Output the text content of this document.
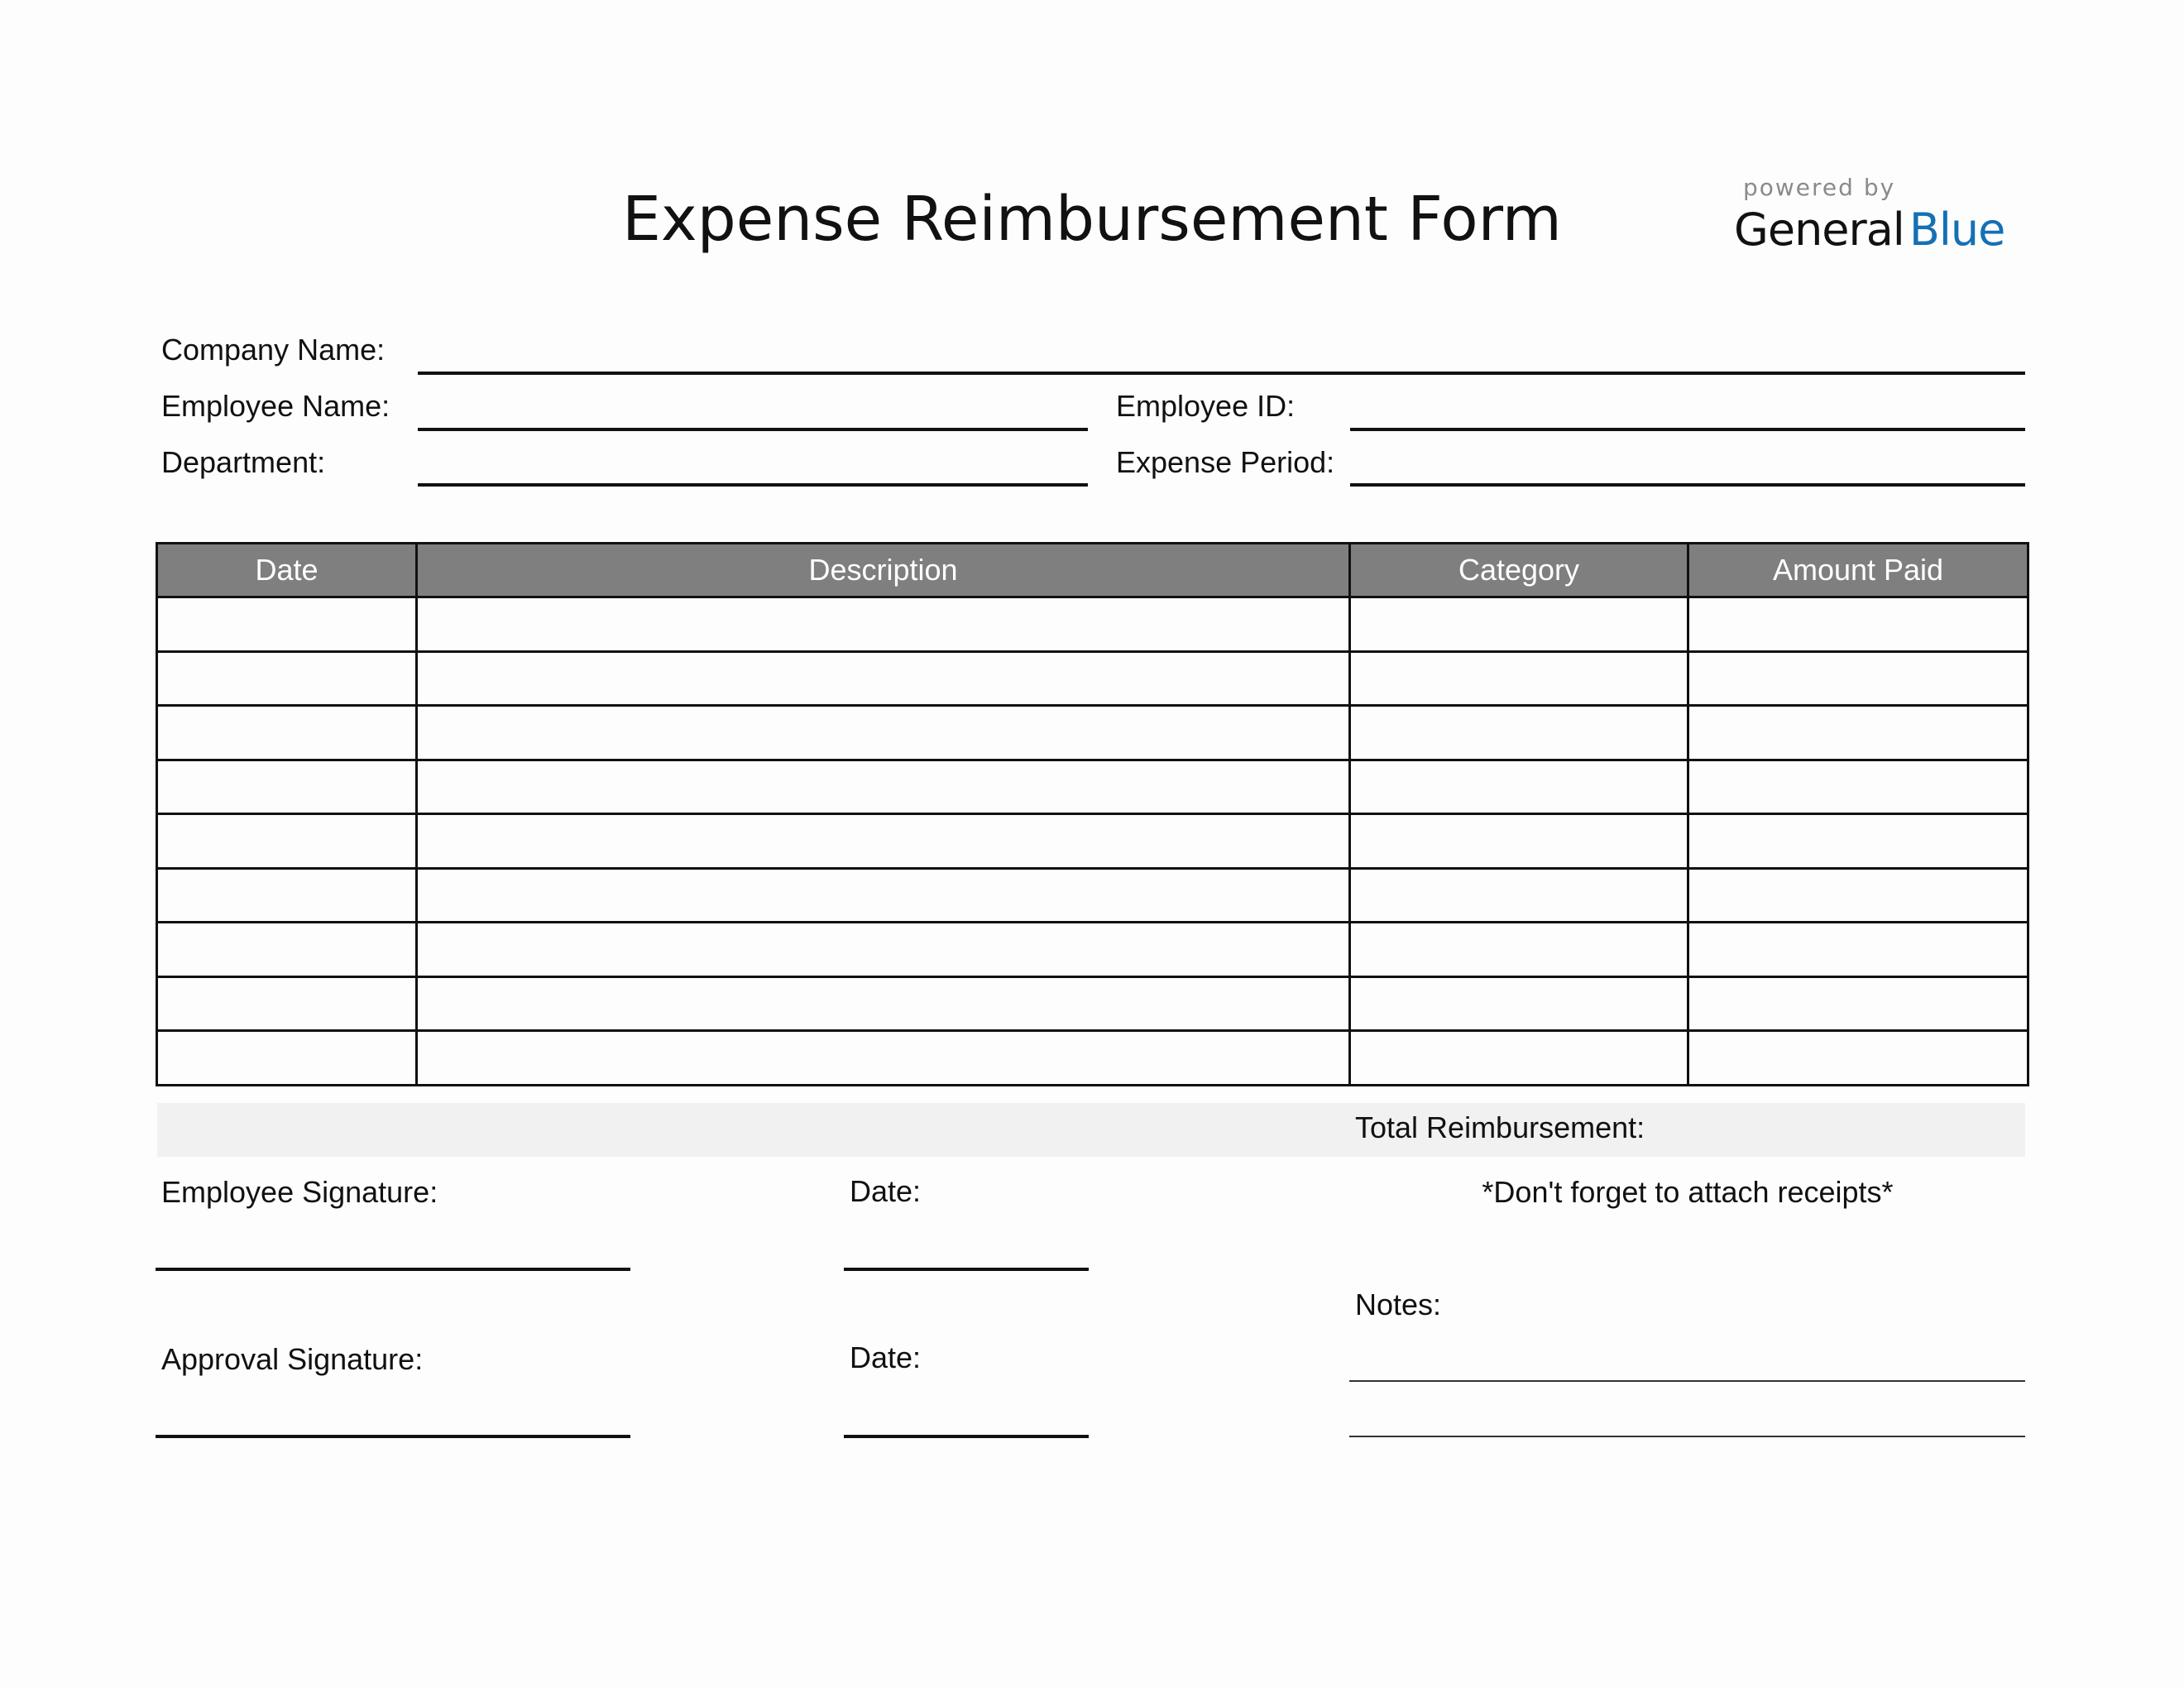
Expense Reimbursement Form	powered by
General Blue
Company Name:
Employee Name:	Employee ID:
Department:	Expense Period:
Date	Description	Category	Amount Paid

Total Reimbursement:
Employee Signature:	Date:
Approval Signature:	Date:
*Don't forget to attach receipts*
Notes:
